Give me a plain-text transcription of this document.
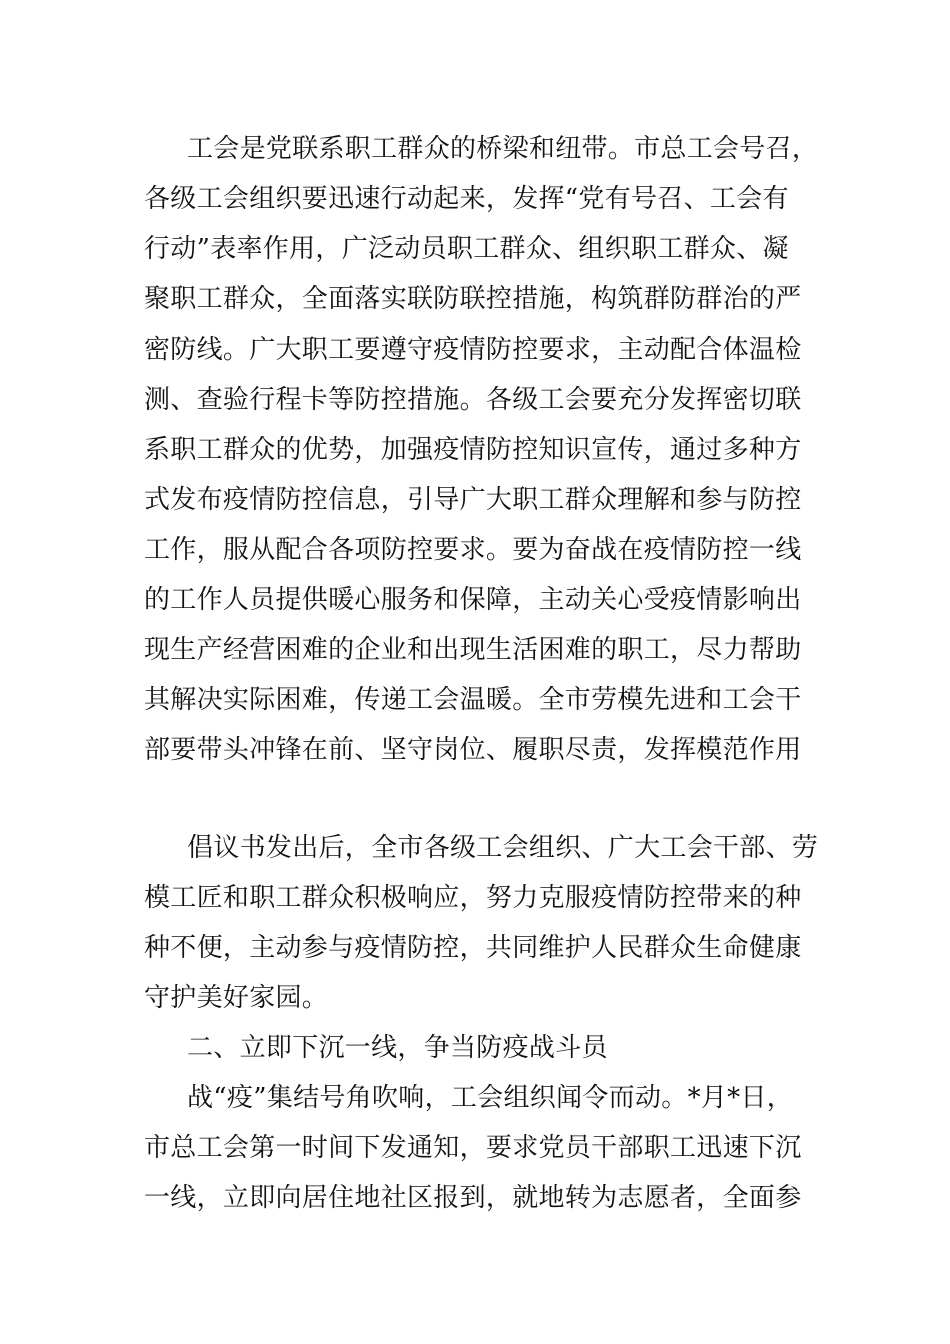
工会是党联系职工群众的桥梁和纽带。市总工会号召，
各级工会组织要迅速行动起来，发挥“党有号召、工会有
行动”表率作用，广泛动员职工群众、组织职工群众、凝
聚职工群众，全面落实联防联控措施，构筑群防群治的严
密防线。广大职工要遵守疫情防控要求，主动配合体温检
测、查验行程卡等防控措施。各级工会要充分发挥密切联
系职工群众的优势，加强疫情防控知识宣传，通过多种方
式发布疫情防控信息，引导广大职工群众理解和参与防控
工作，服从配合各项防控要求。要为奋战在疫情防控一线
的工作人员提供暖心服务和保障，主动关心受疫情影响出
现生产经营困难的企业和出现生活困难的职工，尽力帮助
其解决实际困难，传递工会温暖。全市劳模先进和工会干
部要带头冲锋在前、坚守岗位、履职尽责，发挥模范作用
倡议书发出后，全市各级工会组织、广大工会干部、劳
模工匠和职工群众积极响应，努力克服疫情防控带来的种
种不便，主动参与疫情防控，共同维护人民群众生命健康
守护美好家园。
二、立即下沉一线，争当防疫战斗员
战“疫”集结号角吹响，工会组织闻令而动。*月*日，
市总工会第一时间下发通知，要求党员干部职工迅速下沉
一线，立即向居住地社区报到，就地转为志愿者，全面参
